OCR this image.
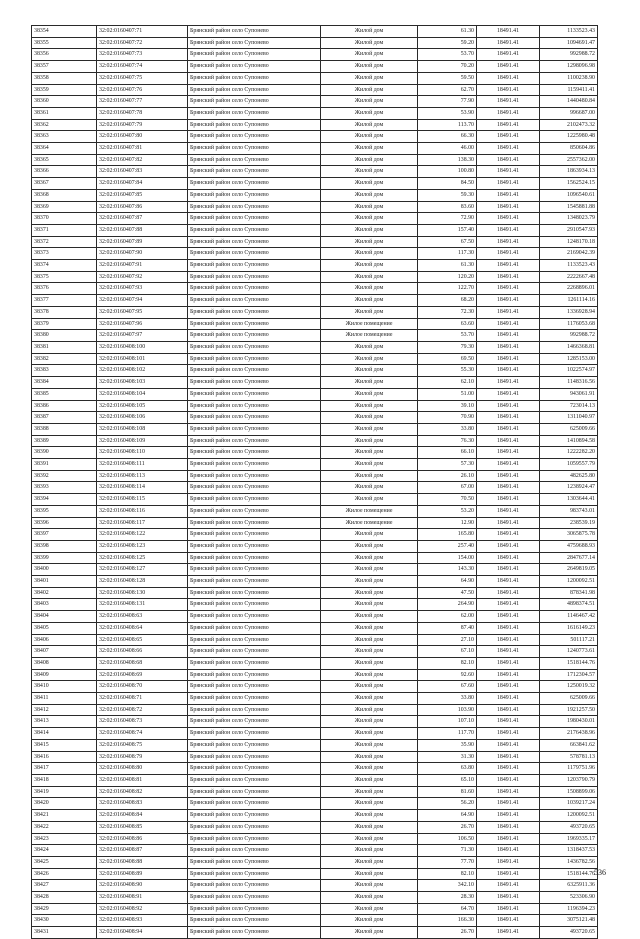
38354	32:02:0160407:71	Брянский район село Супонево	Жилой дом	61.30	18491.41	1133523.43
38355	32:02:0160407:72	Брянский район село Супонево	Жилой дом	59.20	18491.41	1094691.47
38356	32:02:0160407:73	Брянский район село Супонево	Жилой дом	53.70	18491.41	992988.72
38357	32:02:0160407:74	Брянский район село Супонево	Жилой дом	70.20	18491.41	1298096.98
38358	32:02:0160407:75	Брянский район село Супонево	Жилой дом	59.50	18491.41	1100238.90
38359	32:02:0160407:76	Брянский район село Супонево	Жилой дом	62.70	18491.41	1159411.41
38360	32:02:0160407:77	Брянский район село Супонево	Жилой дом	77.90	18491.41	1440480.84
38361	32:02:0160407:78	Брянский район село Супонево	Жилой дом	53.90	18491.41	996687.00
38362	32:02:0160407:79	Брянский район село Супонево	Жилой дом	113.70	18491.41	2102473.32
38363	32:02:0160407:80	Брянский район село Супонево	Жилой дом	66.30	18491.41	1225980.48
38364	32:02:0160407:81	Брянский район село Супонево	Жилой дом	46.00	18491.41	850604.86
38365	32:02:0160407:82	Брянский район село Супонево	Жилой дом	138.30	18491.41	2557362.00
38366	32:02:0160407:83	Брянский район село Супонево	Жилой дом	100.80	18491.41	1863934.13
38367	32:02:0160407:84	Брянский район село Супонево	Жилой дом	84.50	18491.41	1562524.15
38368	32:02:0160407:85	Брянский район село Супонево	Жилой дом	59.30	18491.41	1096540.61
38369	32:02:0160407:86	Брянский район село Супонево	Жилой дом	83.60	18491.41	1545881.88
38370	32:02:0160407:87	Брянский район село Супонево	Жилой дом	72.90	18491.41	1348023.79
38371	32:02:0160407:88	Брянский район село Супонево	Жилой дом	157.40	18491.41	2910547.93
38372	32:02:0160407:89	Брянский район село Супонево	Жилой дом	67.50	18491.41	1248170.18
38373	32:02:0160407:90	Брянский район село Супонево	Жилой дом	117.30	18491.41	2169042.39
38374	32:02:0160407:91	Брянский район село Супонево	Жилой дом	61.30	18491.41	1133523.43
38375	32:02:0160407:92	Брянский район село Супонево	Жилой дом	120.20	18491.41	2222667.48
38376	32:02:0160407:93	Брянский район село Супонево	Жилой дом	122.70	18491.41	2268896.01
38377	32:02:0160407:94	Брянский район село Супонево	Жилой дом	68.20	18491.41	1261114.16
38378	32:02:0160407:95	Брянский район село Супонево	Жилой дом	72.30	18491.41	1336928.94
38379	32:02:0160407:96	Брянский район село Супонево	Жилое помещение	63.60	18491.41	1176053.68
38380	32:02:0160407:97	Брянский район село Супонево	Жилое помещение	53.70	18491.41	992988.72
38381	32:02:0160408:100	Брянский район село Супонево	Жилой дом	79.30	18491.41	1466368.81
38382	32:02:0160408:101	Брянский район село Супонево	Жилой дом	69.50	18491.41	1285153.00
38383	32:02:0160408:102	Брянский район село Супонево	Жилой дом	55.30	18491.41	1022574.97
38384	32:02:0160408:103	Брянский район село Супонево	Жилой дом	62.10	18491.41	1148316.56
38385	32:02:0160408:104	Брянский район село Супонево	Жилой дом	51.00	18491.41	943061.91
38386	32:02:0160408:105	Брянский район село Супонево	Жилой дом	39.10	18491.41	723014.13
38387	32:02:0160408:106	Брянский район село Супонево	Жилой дом	70.90	18491.41	1311040.97
38388	32:02:0160408:108	Брянский район село Супонево	Жилой дом	33.80	18491.41	625009.66
38389	32:02:0160408:109	Брянский район село Супонево	Жилой дом	76.30	18491.41	1410894.58
38390	32:02:0160408:110	Брянский район село Супонево	Жилой дом	66.10	18491.41	1222282.20
38391	32:02:0160408:111	Брянский район село Супонево	Жилой дом	57.30	18491.41	1059557.79
38392	32:02:0160408:113	Брянский район село Супонево	Жилой дом	26.10	18491.41	482625.80
38393	32:02:0160408:114	Брянский район село Супонево	Жилой дом	67.00	18491.41	1238924.47
38394	32:02:0160408:115	Брянский район село Супонево	Жилой дом	70.50	18491.41	1303644.41
38395	32:02:0160408:116	Брянский район село Супонево	Жилое помещение	53.20	18491.41	983743.01
38396	32:02:0160408:117	Брянский район село Супонево	Жилое помещение	12.90	18491.41	238539.19
38397	32:02:0160408:122	Брянский район село Супонево	Жилой дом	165.80	18491.41	3065875.78
38398	32:02:0160408:123	Брянский район село Супонево	Жилой дом	257.40	18491.41	4759688.93
38399	32:02:0160408:125	Брянский район село Супонево	Жилой дом	154.00	18491.41	2847677.14
38400	32:02:0160408:127	Брянский район село Супонево	Жилой дом	143.30	18491.41	2649819.05
38401	32:02:0160408:128	Брянский район село Супонево	Жилой дом	64.90	18491.41	1200092.51
38402	32:02:0160408:130	Брянский район село Супонево	Жилой дом	47.50	18491.41	878341.98
38403	32:02:0160408:131	Брянский район село Супонево	Жилой дом	264.90	18491.41	4898374.51
38404	32:02:0160408:63	Брянский район село Супонево	Жилой дом	62.00	18491.41	1146467.42
38405	32:02:0160408:64	Брянский район село Супонево	Жилой дом	87.40	18491.41	1616149.23
38406	32:02:0160408:65	Брянский район село Супонево	Жилой дом	27.10	18491.41	501117.21
38407	32:02:0160408:66	Брянский район село Супонево	Жилой дом	67.10	18491.41	1240773.61
38408	32:02:0160408:68	Брянский район село Супонево	Жилой дом	82.10	18491.41	1518144.76
38409	32:02:0160408:69	Брянский район село Супонево	Жилой дом	92.60	18491.41	1712304.57
38410	32:02:0160408:70	Брянский район село Супонево	Жилой дом	67.60	18491.41	1250019.32
38411	32:02:0160408:71	Брянский район село Супонево	Жилой дом	33.80	18491.41	625009.66
38412	32:02:0160408:72	Брянский район село Супонево	Жилой дом	103.90	18491.41	1921257.50
38413	32:02:0160408:73	Брянский район село Супонево	Жилой дом	107.10	18491.41	1980430.01
38414	32:02:0160408:74	Брянский район село Супонево	Жилой дом	117.70	18491.41	2176438.96
38415	32:02:0160408:75	Брянский район село Супонево	Жилой дом	35.90	18491.41	663841.62
38416	32:02:0160408:79	Брянский район село Супонево	Жилой дом	31.30	18491.41	578781.13
38417	32:02:0160408:80	Брянский район село Супонево	Жилой дом	63.80	18491.41	1179751.96
38418	32:02:0160408:81	Брянский район село Супонево	Жилой дом	65.10	18491.41	1203790.79
38419	32:02:0160408:82	Брянский район село Супонево	Жилой дом	81.60	18491.41	1508899.06
38420	32:02:0160408:83	Брянский район село Супонево	Жилой дом	56.20	18491.41	1039217.24
38421	32:02:0160408:84	Брянский район село Супонево	Жилой дом	64.90	18491.41	1200092.51
38422	32:02:0160408:85	Брянский район село Супонево	Жилой дом	26.70	18491.41	493720.65
38423	32:02:0160408:86	Брянский район село Супонево	Жилой дом	106.50	18491.41	1969335.17
38424	32:02:0160408:87	Брянский район село Супонево	Жилой дом	71.30	18491.41	1318437.53
38425	32:02:0160408:88	Брянский район село Супонево	Жилой дом	77.70	18491.41	1436782.56
38426	32:02:0160408:89	Брянский район село Супонево	Жилой дом	82.10	18491.41	1518144.76
38427	32:02:0160408:90	Брянский район село Супонево	Жилой дом	342.10	18491.41	6325911.36
38428	32:02:0160408:91	Брянский район село Супонево	Жилой дом	28.30	18491.41	523306.90
38429	32:02:0160408:92	Брянский район село Супонево	Жилой дом	64.70	18491.41	1196394.23
38430	32:02:0160408:93	Брянский район село Супонево	Жилой дом	166.30	18491.41	3075121.48
38431	32:02:0160408:94	Брянский район село Супонево	Жилой дом	26.70	18491.41	493720.65
536
